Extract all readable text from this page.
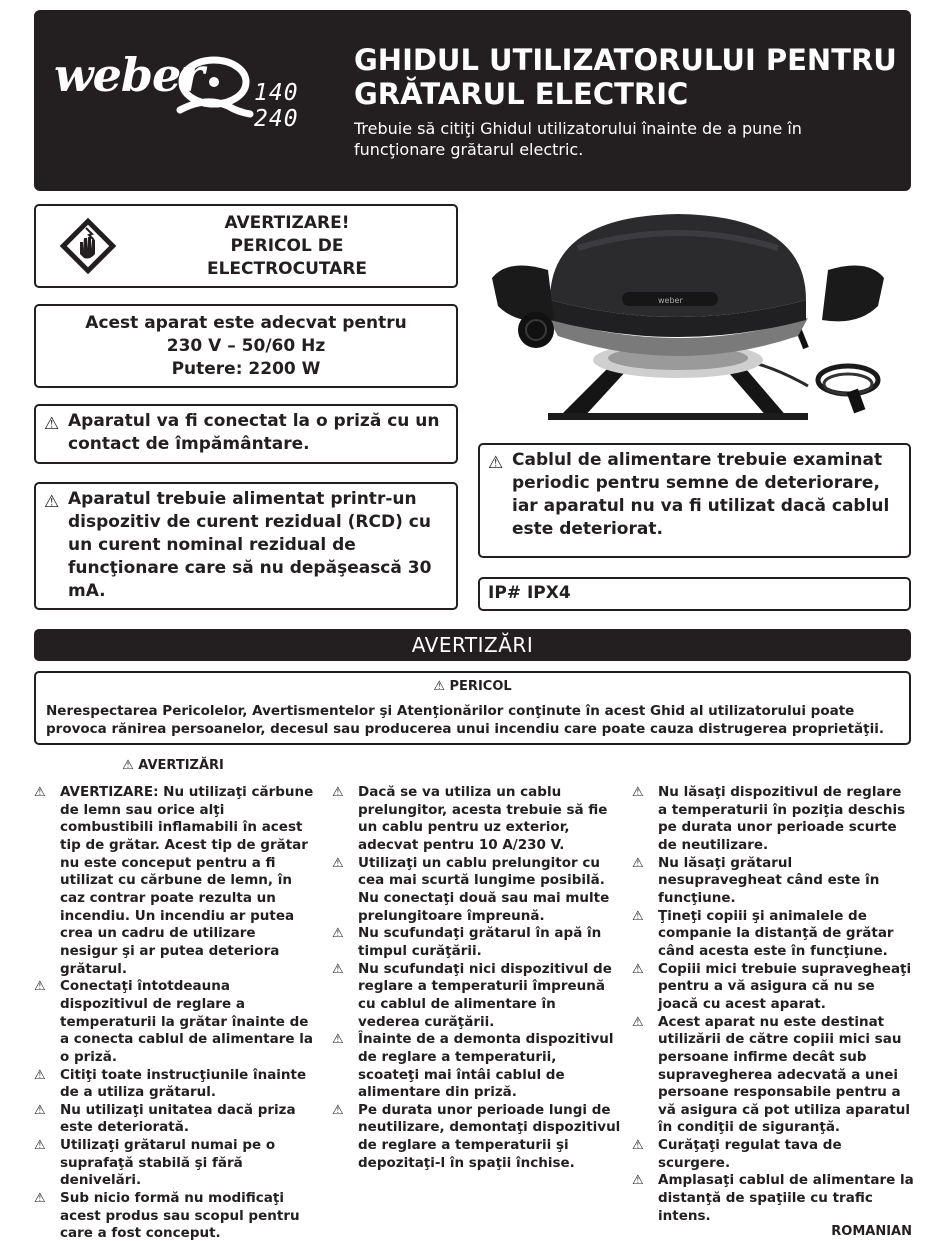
weber 140 240
GHIDUL UTILIZATORULUI PENTRU
GRĂTARUL ELECTRIC
Trebuie să citiţi Ghidul utilizatorului înainte de a pune în
funcţionare grătarul electric.
AVERTIZARE!
PERICOL DE
ELECTROCUTARE
Acest aparat este adecvat pentru
230 V – 50/60 Hz
Putere: 2200 W
⚠ Aparatul va fi conectat la o priză cu un contact de împământare.
⚠ Aparatul trebuie alimentat printr-un dispozitiv de curent rezidual (RCD) cu un curent nominal rezidual de funcţionare care să nu depăşească 30 mA.
weber
⚠ Cablul de alimentare trebuie examinat periodic pentru semne de deteriorare, iar aparatul nu va fi utilizat dacă cablul este deteriorat.
IP# IPX4
AVERTIZĂRI
⚠ PERICOL
Nerespectarea Pericolelor, Avertismentelor şi Atenţionărilor conţinute în acest Ghid al utilizatorului poate provoca rănirea persoanelor, decesul sau producerea unui incendiu care poate cauza distrugerea proprietăţii.
⚠ AVERTIZĂRI
⚠ AVERTIZARE: Nu utilizaţi cărbune de lemn sau orice alţi combustibili inflamabili în acest tip de grătar. Acest tip de grătar nu este conceput pentru a fi utilizat cu cărbune de lemn, în caz contrar poate rezulta un incendiu. Un incendiu ar putea crea un cadru de utilizare nesigur şi ar putea deteriora grătarul.
⚠ Conectaţi întotdeauna dispozitivul de reglare a temperaturii la grătar înainte de a conecta cablul de alimentare la o priză.
⚠ Citiţi toate instrucţiunile înainte de a utiliza grătarul.
⚠ Nu utilizaţi unitatea dacă priza este deteriorată.
⚠ Utilizaţi grătarul numai pe o suprafaţă stabilă şi fără denivelări.
⚠ Sub nicio formă nu modificaţi acest produs sau scopul pentru care a fost conceput.
⚠ Dacă se va utiliza un cablu prelungitor, acesta trebuie să fie un cablu pentru uz exterior, adecvat pentru 10 A/230 V.
⚠ Utilizaţi un cablu prelungitor cu cea mai scurtă lungime posibilă. Nu conectaţi două sau mai multe prelungitoare împreună.
⚠ Nu scufundaţi grătarul în apă în timpul curăţării.
⚠ Nu scufundaţi nici dispozitivul de reglare a temperaturii împreună cu cablul de alimentare în vederea curăţării.
⚠ Înainte de a demonta dispozitivul de reglare a temperaturii, scoateţi mai întâi cablul de alimentare din priză.
⚠ Pe durata unor perioade lungi de neutilizare, demontaţi dispozitivul de reglare a temperaturii şi depozitaţi-l în spaţii închise.
⚠ Nu lăsaţi dispozitivul de reglare a temperaturii în poziţia deschis pe durata unor perioade scurte de neutilizare.
⚠ Nu lăsaţi grătarul nesupravegheat când este în funcţiune.
⚠ Ţineţi copiii şi animalele de companie la distanţă de grătar când acesta este în funcţiune.
⚠ Copiii mici trebuie supravegheaţi pentru a vă asigura că nu se joacă cu acest aparat.
⚠ Acest aparat nu este destinat utilizării de către copiii mici sau persoane infirme decât sub supravegherea adecvată a unei persoane responsabile pentru a vă asigura că pot utiliza aparatul în condiţii de siguranţă.
⚠ Curăţaţi regulat tava de scurgere.
⚠ Amplasaţi cablul de alimentare la distanţă de spaţiile cu trafic intens.
ROMANIAN
